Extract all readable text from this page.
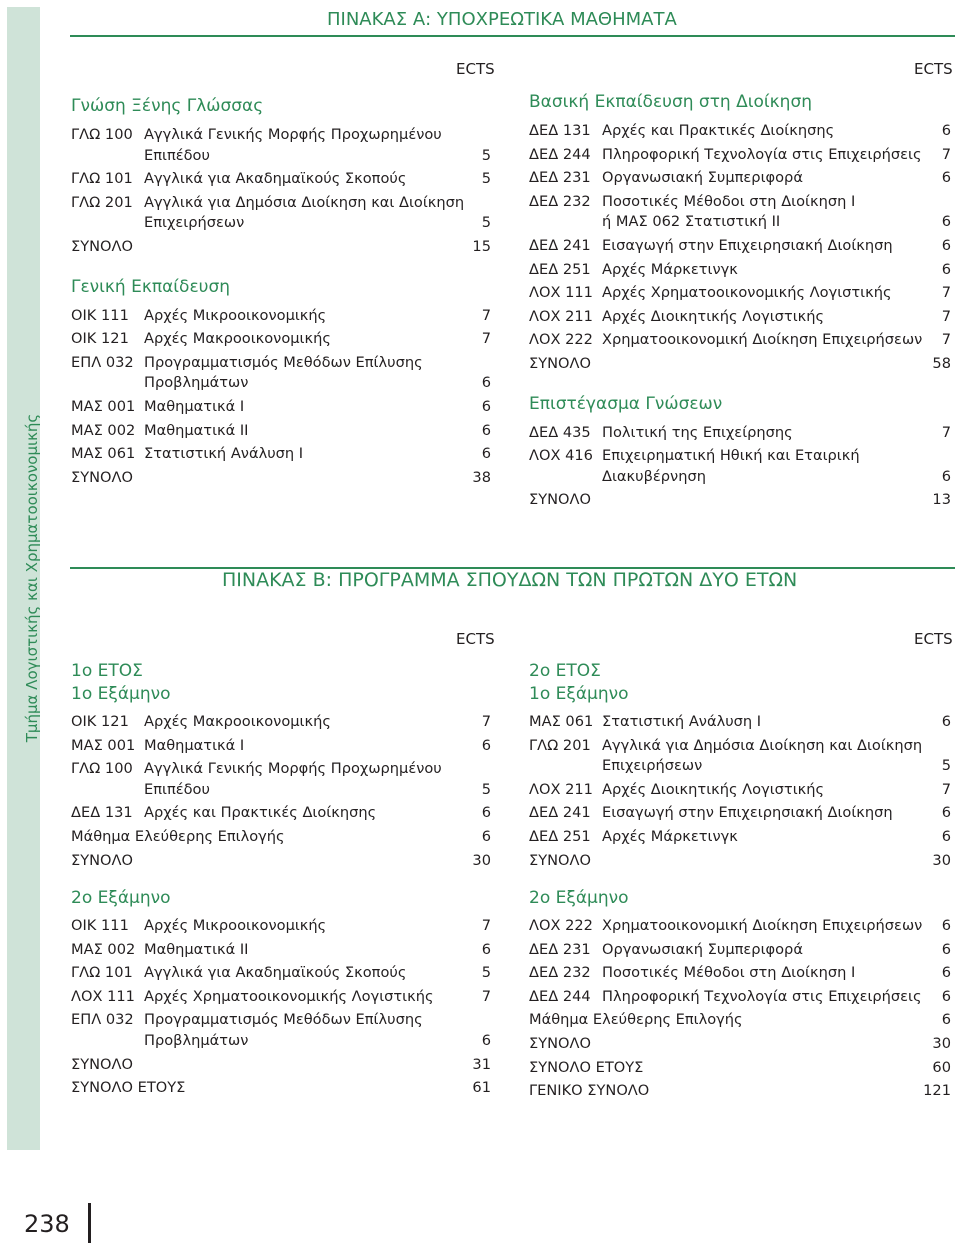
Τμήμα Λογιστικής και Χρηματοοικονομικής
ΠΙΝΑΚΑΣ Α: ΥΠΟΧΡΕΩΤΙΚΑ ΜΑΘΗΜΑΤΑ
ECTS	ECTS
Γνώση Ξένης Γλώσσας
ΓΛΩ 100 Αγγλικά Γενικής Μορφής Προχωρημένου
Επιπέδου	5
ΓΛΩ 101 Αγγλικά για Ακαδημαϊκούς Σκοπούς	5
ΓΛΩ 201 Αγγλικά για Δημόσια Διοίκηση και Διοίκηση
Επιχειρήσεων	5
ΣΥΝΟΛΟ	15
Γενική Εκπαίδευση
ΟΙΚ 111 Αρχές Μικροοικονομικής	7
ΟΙΚ 121 Αρχές Μακροοικονομικής	7
ΕΠΛ 032 Προγραμματισμός Μεθόδων Επίλυσης
Προβλημάτων	6
ΜΑΣ 001 Μαθηματικά Ι	6
ΜΑΣ 002 Μαθηματικά ΙΙ	6
ΜΑΣ 061 Στατιστική Ανάλυση Ι	6
ΣΥΝΟΛΟ	38
Βασική Εκπαίδευση στη Διοίκηση
ΔΕΔ 131 Αρχές και Πρακτικές Διοίκησης	6
ΔΕΔ 244 Πληροφορική Τεχνολογία στις Επιχειρήσεις 7
ΔΕΔ 231 Οργανωσιακή Συμπεριφορά	6
ΔΕΔ 232 Ποσοτικές Μέθοδοι στη Διοίκηση Ι
ή ΜΑΣ 062 Στατιστική ΙΙ	6
ΔΕΔ 241 Εισαγωγή στην Επιχειρησιακή Διοίκηση	6
ΔΕΔ 251 Αρχές Μάρκετινγκ	6
ΛΟΧ 111 Αρχές Χρηματοοικονομικής Λογιστικής	7
ΛΟΧ 211 Αρχές Διοικητικής Λογιστικής	7
ΛΟΧ 222 Χρηματοοικονομική Διοίκηση Επιχειρήσεων 7
ΣΥΝΟΛΟ	58
Επιστέγασμα Γνώσεων
ΔΕΔ 435 Πολιτική της Επιχείρησης	7
ΛΟΧ 416 Επιχειρηματική Ηθική και Εταιρική
Διακυβέρνηση	6
ΣΥΝΟΛΟ	13
ΠΙΝΑΚΑΣ Β: ΠΡΟΓΡΑΜΜΑ ΣΠΟΥΔΩΝ ΤΩΝ ΠΡΩΤΩΝ ΔΥΟ ΕΤΩΝ
ECTS	ECTS
1ο ΕΤΟΣ
1ο Εξάμηνο
ΟΙΚ 121 Αρχές Μακροοικονομικής	7
ΜΑΣ 001 Μαθηματικά Ι	6
ΓΛΩ 100 Αγγλικά Γενικής Μορφής Προχωρημένου
Επιπέδου	5
ΔΕΔ 131 Αρχές και Πρακτικές Διοίκησης	6
Μάθημα Ελεύθερης Επιλογής	6
ΣΥΝΟΛΟ	30
2ο Εξάμηνο
ΟΙΚ 111 Αρχές Μικροοικονομικής	7
ΜΑΣ 002 Μαθηματικά ΙΙ	6
ΓΛΩ 101 Αγγλικά για Ακαδημαϊκούς Σκοπούς	5
ΛΟΧ 111 Αρχές Χρηματοοικονομικής Λογιστικής	7
ΕΠΛ 032 Προγραμματισμός Μεθόδων Επίλυσης
Προβλημάτων	6
ΣΥΝΟΛΟ	31
ΣΥΝΟΛΟ ΕΤΟΥΣ	61
2ο ΕΤΟΣ
1ο Εξάμηνο
ΜΑΣ 061 Στατιστική Ανάλυση Ι	6
ΓΛΩ 201 Αγγλικά για Δημόσια Διοίκηση και Διοίκηση
Επιχειρήσεων	5
ΛΟΧ 211 Αρχές Διοικητικής Λογιστικής	7
ΔΕΔ 241 Εισαγωγή στην Επιχειρησιακή Διοίκηση	6
ΔΕΔ 251 Αρχές Μάρκετινγκ	6
ΣΥΝΟΛΟ	30
2ο Εξάμηνο
ΛΟΧ 222 Χρηματοοικονομική Διοίκηση Επιχειρήσεων 6
ΔΕΔ 231 Οργανωσιακή Συμπεριφορά	6
ΔΕΔ 232 Ποσοτικές Μέθοδοι στη Διοίκηση Ι	6
ΔΕΔ 244 Πληροφορική Τεχνολογία στις Επιχειρήσεις 6
Μάθημα Ελεύθερης Επιλογής	6
ΣΥΝΟΛΟ	30
ΣΥΝΟΛΟ ΕΤΟΥΣ	60
ΓΕΝΙΚΟ ΣΥΝΟΛΟ	121
238
